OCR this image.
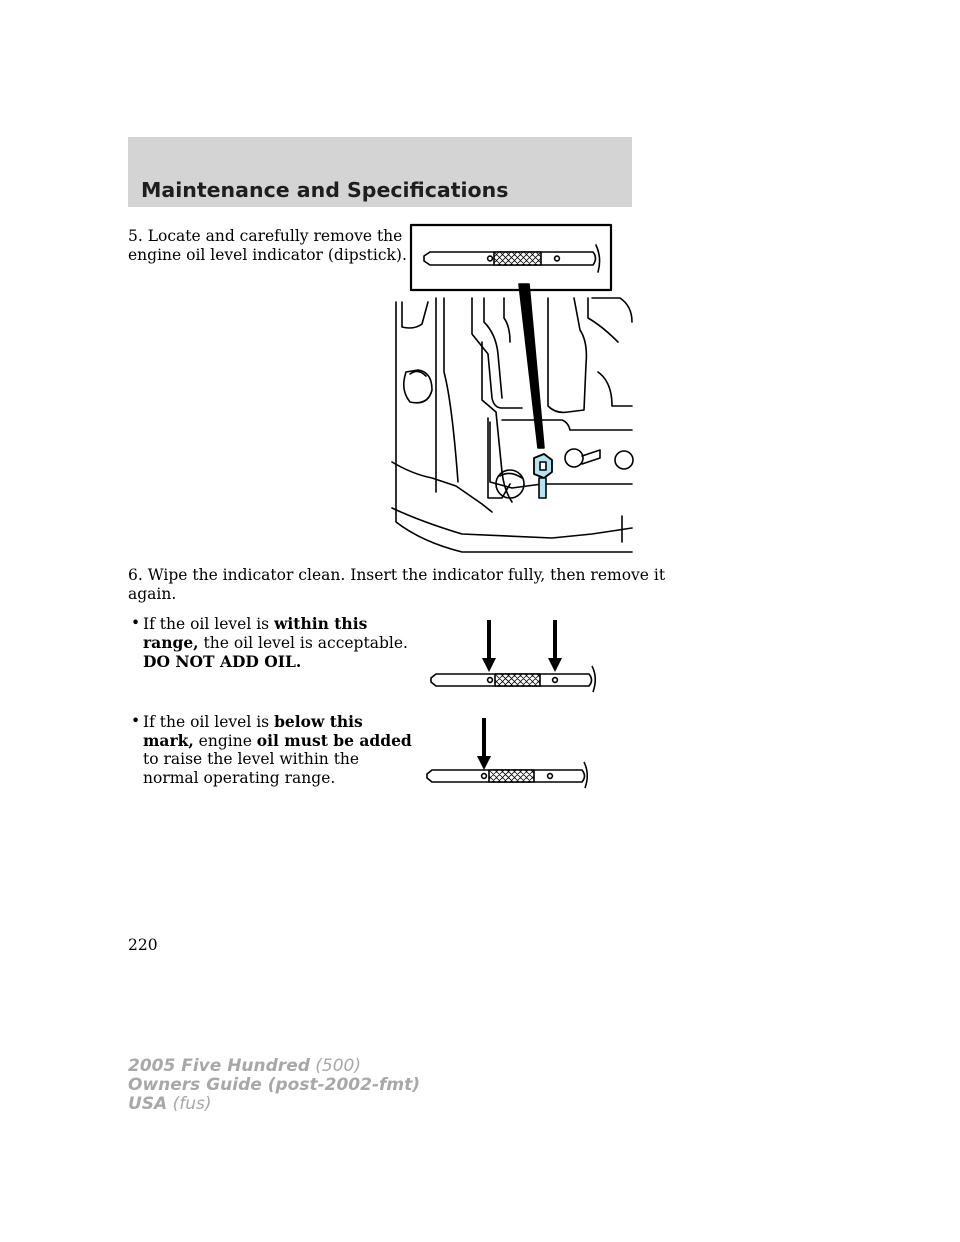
Maintenance and Specifications
5. Locate and carefully remove the
engine oil level indicator (dipstick).
6. Wipe the indicator clean. Insert the indicator fully, then remove it
again.
• If the oil level is within this
range, the oil level is acceptable.
DO NOT ADD OIL.
• If the oil level is below this
mark, engine oil must be added
to raise the level within the
normal operating range.
220
2005 Five Hundred (500)
Owners Guide (post-2002-fmt)
USA (fus)
